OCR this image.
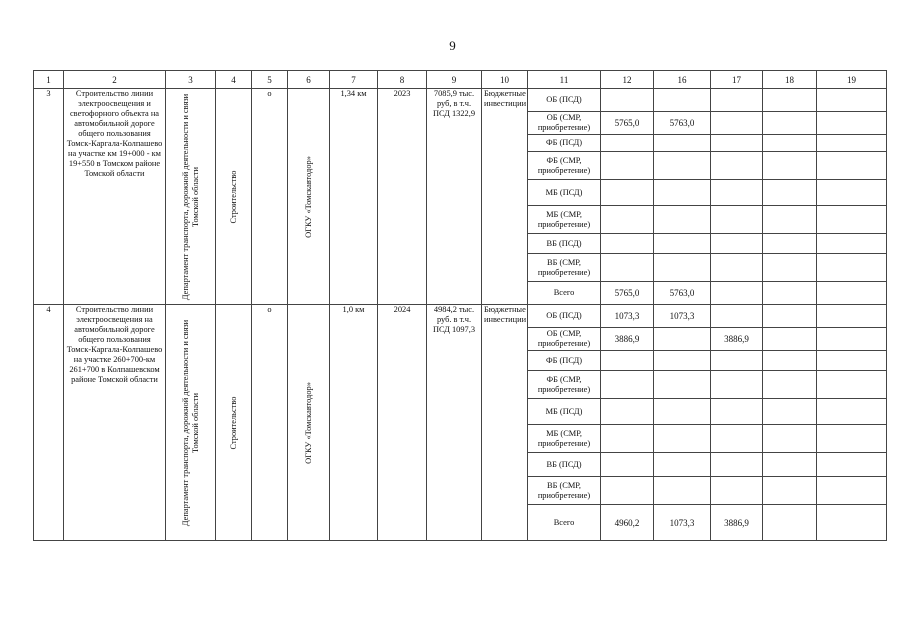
9
1	2	3	4	5	6	7	8	9	10	11	12	16	17	18	19
3	Строительство линии электроосвещения и светофорного объекта на автомобильной дороге общего пользования Томск-Каргала-Колпашево на участке км 19+000 - км 19+550 в Томском районе Томской области	Департамент транспорта, дорожной деятельности и связи Томской области	Строительство	о	ОГКУ «Томскавтодор»	1,34 км	2023	7085,9 тыс. руб, в т.ч. ПСД 1322,9	Бюджетные инвестиции	ОБ (ПСД)					
										ОБ (СМР, приобретение)	5765,0	5763,0			
										ФБ (ПСД)					
										ФБ (СМР, приобретение)					
										МБ (ПСД)					
										МБ (СМР, приобретение)					
										ВБ (ПСД)					
										ВБ (СМР, приобретение)					
										Всего	5765,0	5763,0			
4	Строительство линии электроосвещения на автомобильной дороге общего пользования Томск-Каргала-Колпашево на участке 260+700-км 261+700 в Колпашевском районе Томской области	Департамент транспорта, дорожной деятельности и связи Томской области	Строительство	о	ОГКУ «Томскавтодор»	1,0 км	2024	4984,2 тыс. руб. в т.ч. ПСД 1097,3	Бюджетные инвестиции	ОБ (ПСД)	1073,3	1073,3			
										ОБ (СМР, приобретение)	3886,9		3886,9		
										ФБ (ПСД)					
										ФБ (СМР, приобретение)					
										МБ (ПСД)					
										МБ (СМР, приобретение)					
										ВБ (ПСД)					
										ВБ (СМР, приобретение)					
										Всего	4960,2	1073,3	3886,9		
